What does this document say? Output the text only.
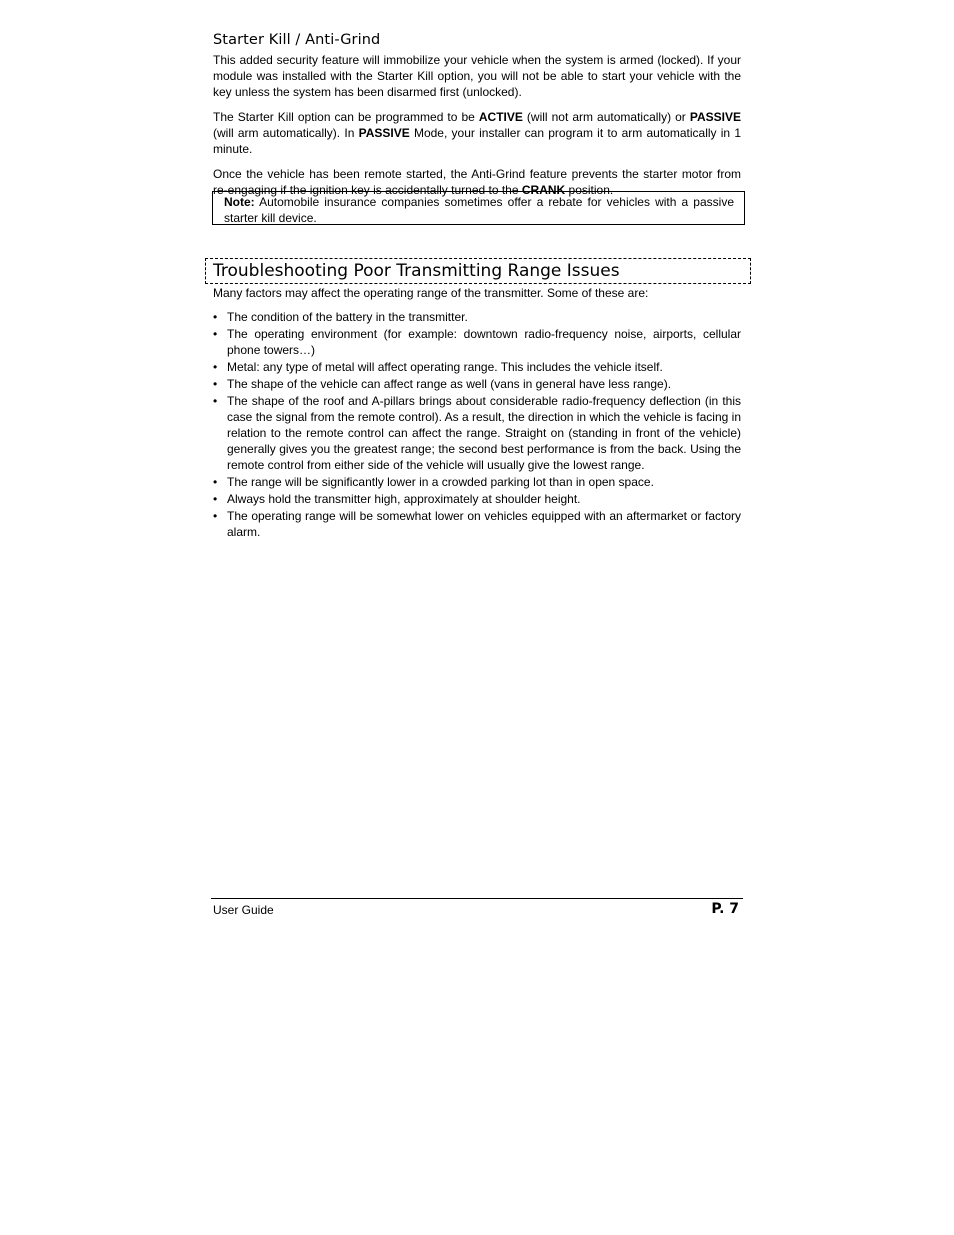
Starter Kill / Anti-Grind

This added security feature will immobilize your vehicle when the system is armed (locked). If your module was installed with the Starter Kill option, you will not be able to start your vehicle with the key unless the system has been disarmed first (unlocked).

The Starter Kill option can be programmed to be ACTIVE (will not arm automatically) or PASSIVE (will arm automatically). In PASSIVE Mode, your installer can program it to arm automatically in 1 minute.

Once the vehicle has been remote started, the Anti-Grind feature prevents the starter motor from re-engaging if the ignition key is accidentally turned to the CRANK position.

Note: Automobile insurance companies sometimes offer a rebate for vehicles with a passive starter kill device.

Troubleshooting Poor Transmitting Range Issues

Many factors may affect the operating range of the transmitter. Some of these are:

• The condition of the battery in the transmitter.
• The operating environment (for example: downtown radio-frequency noise, airports, cellular phone towers…)
• Metal: any type of metal will affect operating range. This includes the vehicle itself.
• The shape of the vehicle can affect range as well (vans in general have less range).
• The shape of the roof and A-pillars brings about considerable radio-frequency deflection (in this case the signal from the remote control). As a result, the direction in which the vehicle is facing in relation to the remote control can affect the range. Straight on (standing in front of the vehicle) generally gives you the greatest range; the second best performance is from the back. Using the remote control from either side of the vehicle will usually give the lowest range.
• The range will be significantly lower in a crowded parking lot than in open space.
• Always hold the transmitter high, approximately at shoulder height.
• The operating range will be somewhat lower on vehicles equipped with an aftermarket or factory alarm.
User Guide	P. 7
